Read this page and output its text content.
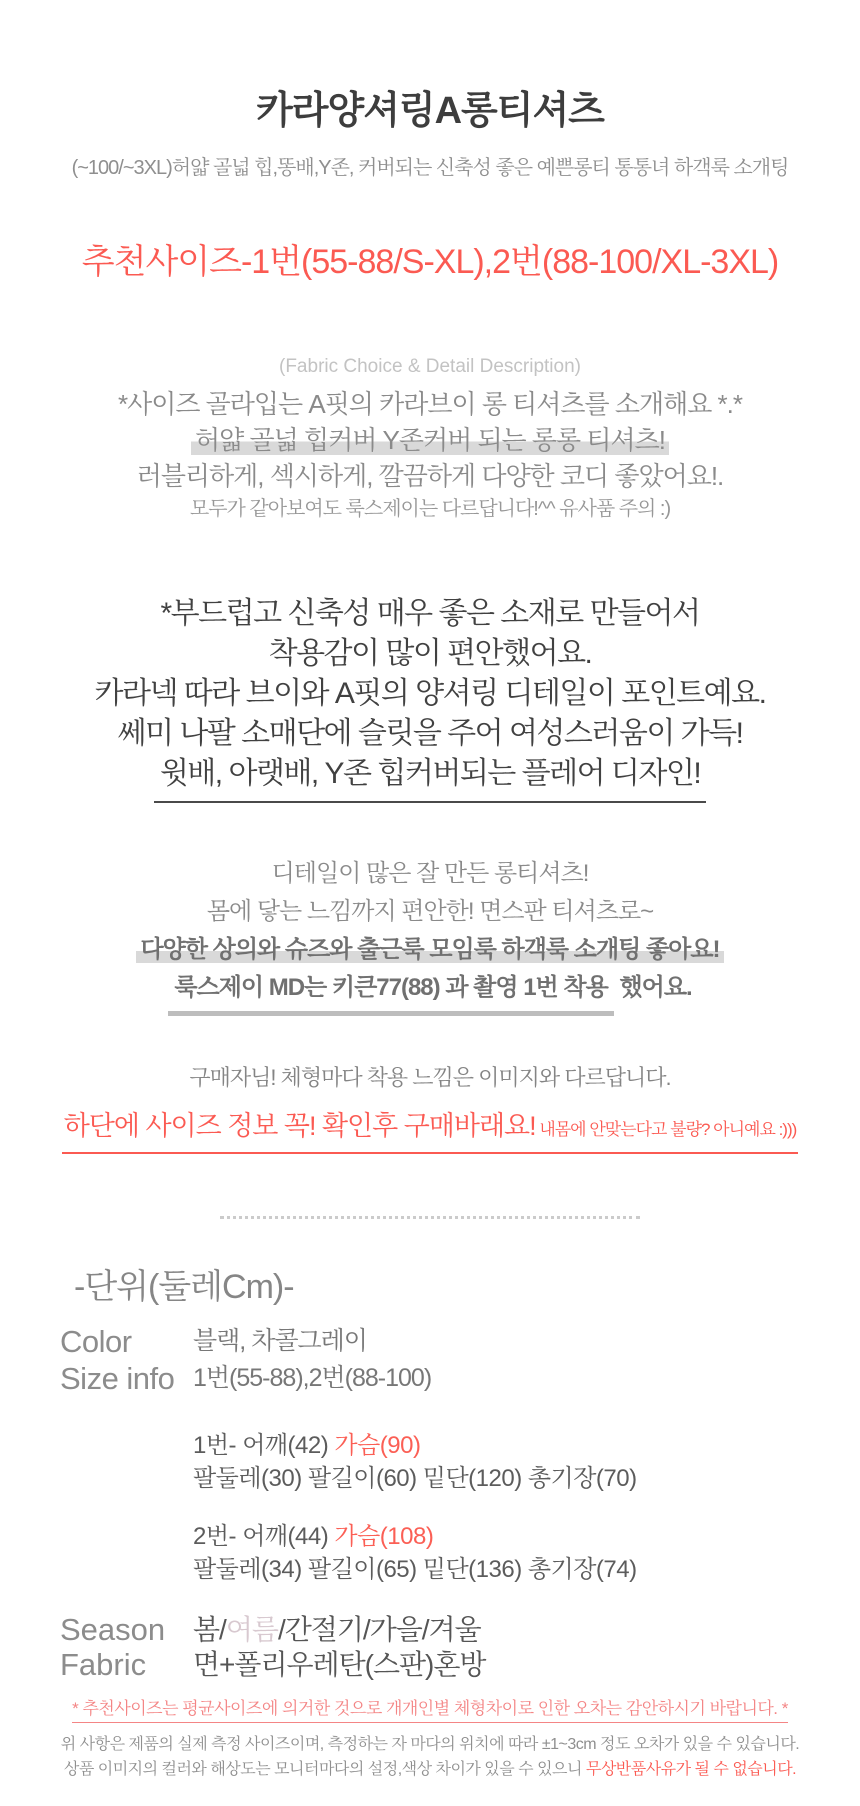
카라양셔링A롱티셔츠
(~100/~3XL)허얇 골넓 힙,똥배,Y존, 커버되는 신축성 좋은 예쁜롱티 통통녀 하객룩 소개팅
추천사이즈-1번(55-88/S-XL),2번(88-100/XL-3XL)
(Fabric Choice & Detail Description)
*사이즈 골라입는 A핏의 카라브이 롱 티셔츠를 소개해요 *.*
허얇 골넓 힙커버 Y존커버 되는 롱롱 티셔츠!
러블리하게, 섹시하게, 깔끔하게 다양한 코디 좋았어요!.
모두가 같아보여도 룩스제이는 다르답니다!^^ 유사품 주의 :)
*부드럽고 신축성 매우 좋은 소재로 만들어서
착용감이 많이 편안했어요.
카라넥 따라 브이와 A핏의 양셔링 디테일이 포인트예요.
쎄미 나팔 소매단에 슬릿을 주어 여성스러움이 가득!
윗배, 아랫배, Y존 힙커버되는 플레어 디자인!
디테일이 많은 잘 만든 롱티셔츠!
몸에 닿는 느낌까지 편안한! 면스판 티셔츠로~
다양한 상의와 슈즈와 출근룩 모임룩 하객룩 소개팅 좋아요!
룩스제이 MD는 키큰77(88) 과 촬영 1번 착용 했어요.
구매자님! 체형마다 착용 느낌은 이미지와 다르답니다.
하단에 사이즈 정보 꼭! 확인후 구매바래요! 내몸에 안맞는다고 불량? 아니예요 :)))
-단위(둘레Cm)-
Color	블랙, 차콜그레이
Size info 1번(55-88),2번(88-100)
1번- 어깨(42) 가슴(90)
팔둘레(30) 팔길이(60) 밑단(120) 총기장(70)
2번- 어깨(44) 가슴(108)
팔둘레(34) 팔길이(65) 밑단(136) 총기장(74)
Season 봄/여름/간절기/가을/겨울
Fabric	면+폴리우레탄(스판)혼방
* 추천사이즈는 평균사이즈에 의거한 것으로 개개인별 체형차이로 인한 오차는 감안하시기 바랍니다. *
위 사항은 제품의 실제 측정 사이즈이며, 측정하는 자 마다의 위치에 따라 ±1~3cm 정도 오차가 있을 수 있습니다.
상품 이미지의 컬러와 해상도는 모니터마다의 설정,색상 차이가 있을 수 있으니 무상반품사유가 될 수 없습니다.
